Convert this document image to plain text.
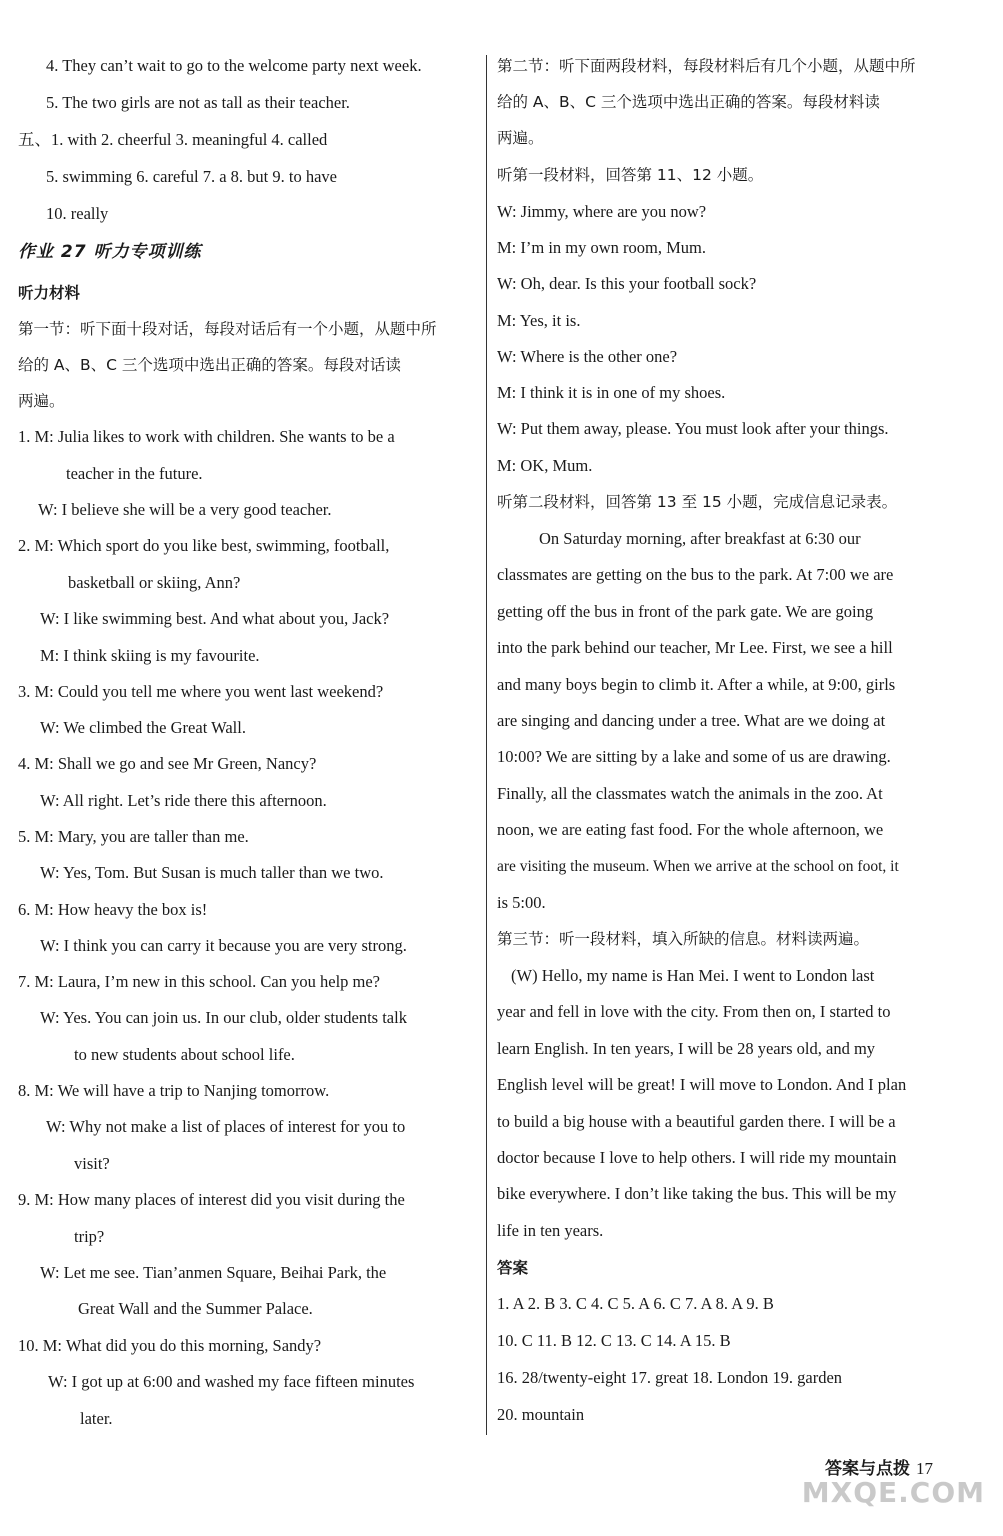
4. They can’t wait to go to the welcome party next week.
5. The two girls are not as tall as their teacher.
五、1. with 2. cheerful 3. meaningful 4. called
5. swimming 6. careful 7. a 8. but 9. to have
10. really
作业 27 听力专项训练
听力材料
第一节：听下面十段对话，每段对话后有一个小题，从题中所
给的 A、B、C 三个选项中选出正确的答案。每段对话读
两遍。
1. M: Julia likes to work with children. She wants to be a
teacher in the future.
W: I believe she will be a very good teacher.
2. M: Which sport do you like best, swimming, football,
basketball or skiing, Ann?
W: I like swimming best. And what about you, Jack?
M: I think skiing is my favourite.
3. M: Could you tell me where you went last weekend?
W: We climbed the Great Wall.
4. M: Shall we go and see Mr Green, Nancy?
W: All right. Let’s ride there this afternoon.
5. M: Mary, you are taller than me.
W: Yes, Tom. But Susan is much taller than we two.
6. M: How heavy the box is!
W: I think you can carry it because you are very strong.
7. M: Laura, I’m new in this school. Can you help me?
W: Yes. You can join us. In our club, older students talk
to new students about school life.
8. M: We will have a trip to Nanjing tomorrow.
W: Why not make a list of places of interest for you to
visit?
9. M: How many places of interest did you visit during the
trip?
W: Let me see. Tian’anmen Square, Beihai Park, the
Great Wall and the Summer Palace.
10. M: What did you do this morning, Sandy?
W: I got up at 6:00 and washed my face fifteen minutes
later.
第二节：听下面两段材料，每段材料后有几个小题，从题中所
给的 A、B、C 三个选项中选出正确的答案。每段材料读
两遍。
听第一段材料，回答第 11、12 小题。
W: Jimmy, where are you now?
M: I’m in my own room, Mum.
W: Oh, dear. Is this your football sock?
M: Yes, it is.
W: Where is the other one?
M: I think it is in one of my shoes.
W: Put them away, please. You must look after your things.
M: OK, Mum.
听第二段材料，回答第 13 至 15 小题，完成信息记录表。
On Saturday morning, after breakfast at 6:30 our
classmates are getting on the bus to the park. At 7:00 we are
getting off the bus in front of the park gate. We are going
into the park behind our teacher, Mr Lee. First, we see a hill
and many boys begin to climb it. After a while, at 9:00, girls
are singing and dancing under a tree. What are we doing at
10:00? We are sitting by a lake and some of us are drawing.
Finally, all the classmates watch the animals in the zoo. At
noon, we are eating fast food. For the whole afternoon, we
are visiting the museum. When we arrive at the school on foot, it
is 5:00.
第三节：听一段材料，填入所缺的信息。材料读两遍。
(W) Hello, my name is Han Mei. I went to London last
year and fell in love with the city. From then on, I started to
learn English. In ten years, I will be 28 years old, and my
English level will be great! I will move to London. And I plan
to build a big house with a beautiful garden there. I will be a
doctor because I love to help others. I will ride my mountain
bike everywhere. I don’t like taking the bus. This will be my
life in ten years.
答案
1. A 2. B 3. C 4. C 5. A 6. C 7. A 8. A 9. B
10. C 11. B 12. C 13. C 14. A 15. B
16. 28/twenty-eight 17. great 18. London 19. garden
20. mountain
答案与点拨 17
MXQE.COM
